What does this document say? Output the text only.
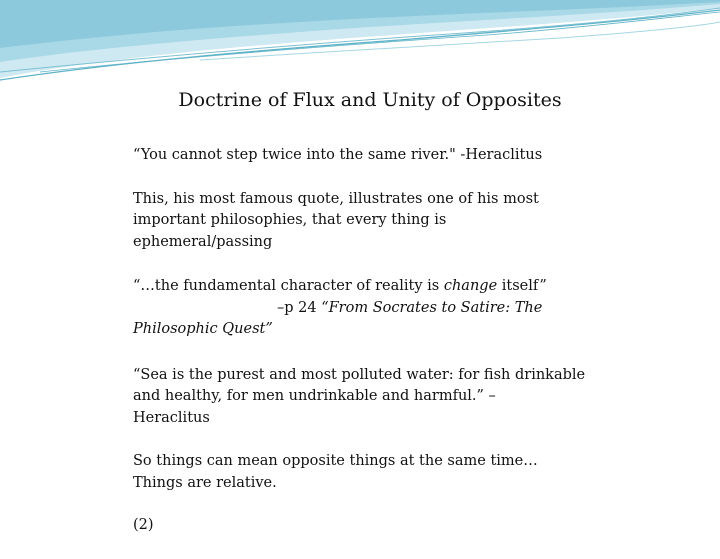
Doctrine of Flux and Unity of Opposites

“You cannot step twice into the same river." -Heraclitus

This, his most famous quote, illustrates one of his most
important philosophies, that every thing is
ephemeral/passing

“…the fundamental character of reality is change itself”
–p 24 “From Socrates to Satire: The
Philosophic Quest”

“Sea is the purest and most polluted water: for fish drinkable
and healthy, for men undrinkable and harmful.” –
Heraclitus

So things can mean opposite things at the same time…
Things are relative.

(2)
